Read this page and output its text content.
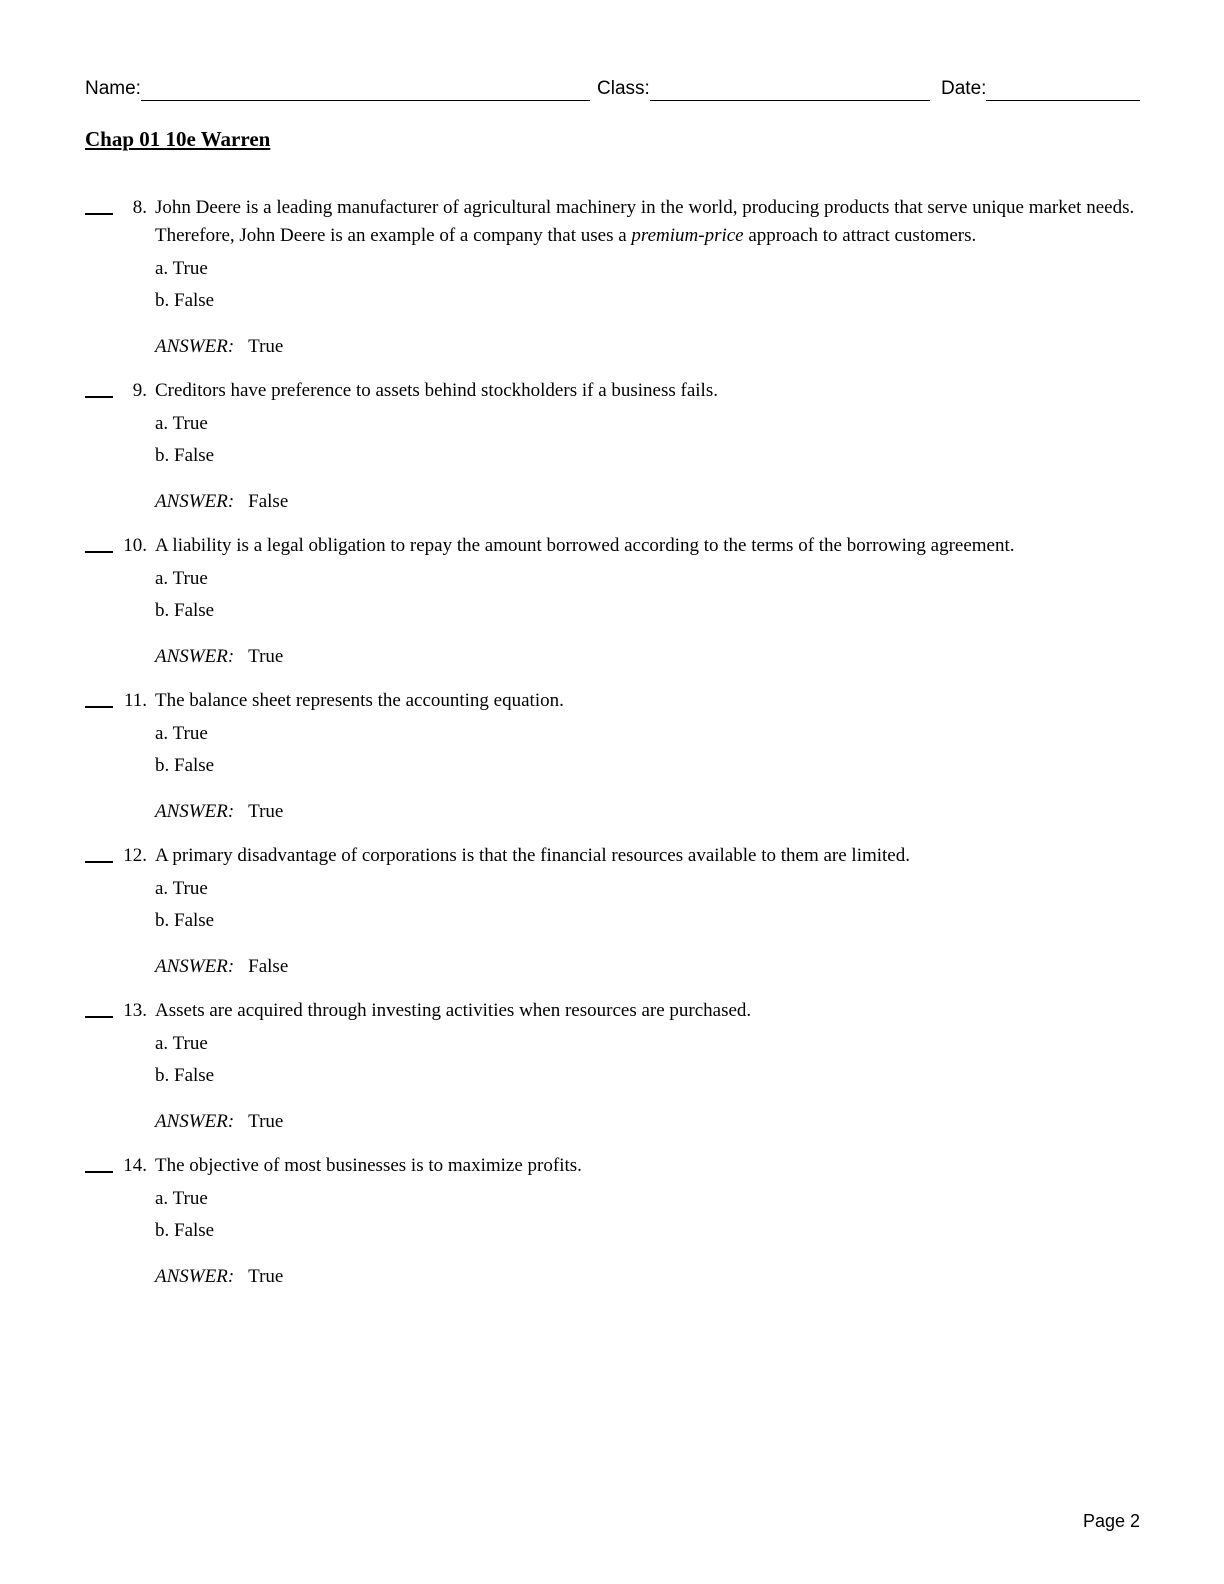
Name:	Class:	Date:
Chap 01 10e Warren
8. John Deere is a leading manufacturer of agricultural machinery in the world, producing products that serve unique market needs. Therefore, John Deere is an example of a company that uses a premium-price approach to attract customers.
a. True
b. False
ANSWER: True
9. Creditors have preference to assets behind stockholders if a business fails.
a. True
b. False
ANSWER: False
10. A liability is a legal obligation to repay the amount borrowed according to the terms of the borrowing agreement.
a. True
b. False
ANSWER: True
11. The balance sheet represents the accounting equation.
a. True
b. False
ANSWER: True
12. A primary disadvantage of corporations is that the financial resources available to them are limited.
a. True
b. False
ANSWER: False
13. Assets are acquired through investing activities when resources are purchased.
a. True
b. False
ANSWER: True
14. The objective of most businesses is to maximize profits.
a. True
b. False
ANSWER: True
Page 2
